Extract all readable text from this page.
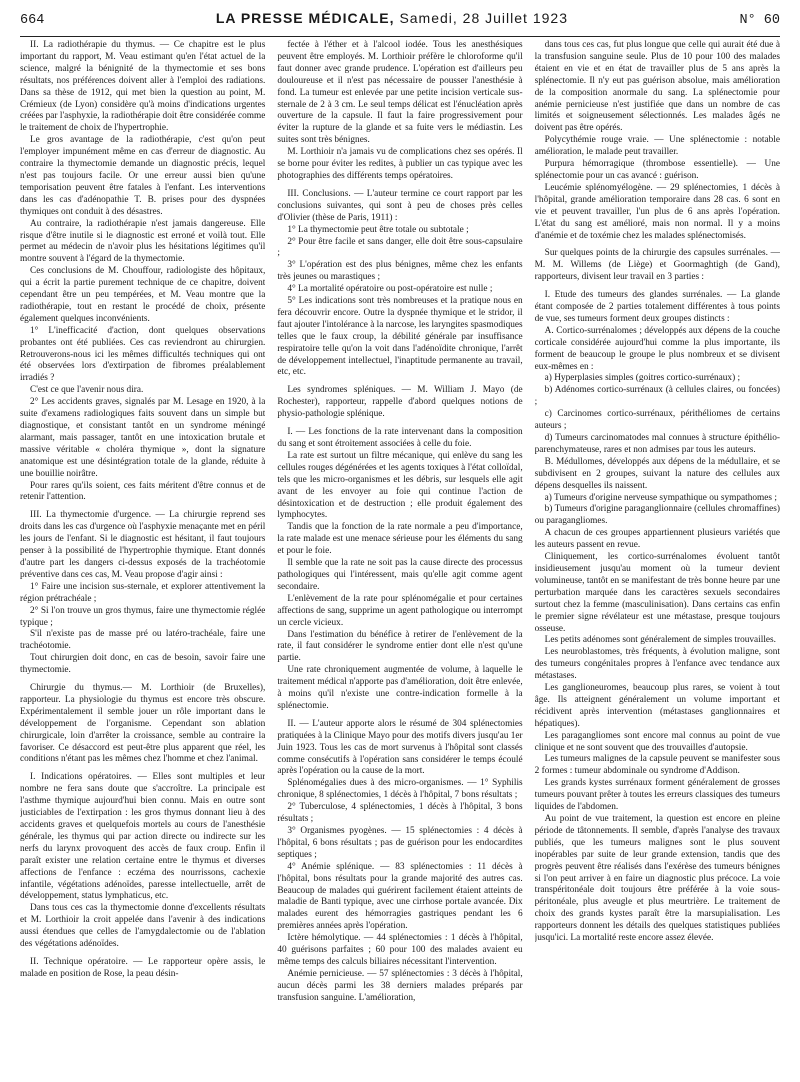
664	LA PRESSE MÉDICALE, Samedi, 28 Juillet 1923	N° 60

II. La radiothérapie du thymus. — Ce chapitre est le plus important du rapport, M. Veau estimant qu'en l'état actuel de la science, malgré la bénignité de la thymectomie et ses bons résultats, nos préférences doivent aller à l'emploi des radiations. Dans sa thèse de 1912, qui met bien la question au point, M. Crémieux (de Lyon) considère qu'à moins d'indications urgentes créées par l'asphyxie, la radiothérapie doit être considérée comme le traitement de choix de l'hypertrophie.

Le gros avantage de la radiothérapie, c'est qu'on peut l'employer impunément même en cas d'erreur de diagnostic. Au contraire la thymectomie demande un diagnostic précis, lequel n'est pas toujours facile. Or une erreur aussi bien qu'une temporisation peuvent être fatales à l'enfant. Les interventions dans les cas d'adénopathie T. B. prises pour des dyspnées thymiques ont conduit à des désastres.

Au contraire, la radiothérapie n'est jamais dangereuse. Elle risque d'être inutile si le diagnostic est erroné et voilà tout. Elle permet au médecin de n'avoir plus les hésitations légitimes qu'il montre souvent à l'égard de la thymectomie.

Ces conclusions de M. Chouffour, radiologiste des hôpitaux, qui a écrit la partie purement technique de ce chapitre, doivent cependant être un peu tempérées, et M. Veau montre que la radiothérapie, tout en restant le procédé de choix, présente également quelques inconvénients.

1° L'inefficacité d'action, dont quelques observations probantes ont été publiées. Ces cas reviendront au chirurgien. Retrouverons-nous ici les mêmes difficultés techniques qui ont été observées lors d'extirpation de fibromes préalablement irradiés ?

C'est ce que l'avenir nous dira.

2° Les accidents graves, signalés par M. Lesage en 1920, à la suite d'examens radiologiques faits souvent dans un simple but diagnostique, et consistant tantôt en un syndrome méningé alarmant, mais passager, tantôt en une intoxication brutale et massive véritable « choléra thymique », dont la signature anatomique est une désintégration totale de la glande, réduite à une bouillie noirâtre.

Pour rares qu'ils soient, ces faits méritent d'être connus et de retenir l'attention.

III. La thymectomie d'urgence. — La chirurgie reprend ses droits dans les cas d'urgence où l'asphyxie menaçante met en péril les jours de l'enfant. Si le diagnostic est hésitant, il faut toujours penser à la possibilité de l'hypertrophie thymique. Etant donnés d'autre part les dangers ci-dessus exposés de la trachéotomie préventive dans ces cas, M. Veau propose d'agir ainsi :

1° Faire une incision sus-sternale, et explorer attentivement la région prétrachéale ;

2° Si l'on trouve un gros thymus, faire une thymectomie réglée typique ;

S'il n'existe pas de masse pré ou latéro-trachéale, faire une trachéotomie.

Tout chirurgien doit donc, en cas de besoin, savoir faire une thymectomie.

Chirurgie du thymus.— M. Lorthioir (de Bruxelles), rapporteur. La physiologie du thymus est encore très obscure. Expérimentalement il semble jouer un rôle important dans le développement de l'organisme. Cependant son ablation chirurgicale, loin d'arrêter la croissance, semble au contraire la favoriser. Ce désaccord est peut-être plus apparent que réel, les conditions n'étant pas les mêmes chez l'homme et chez l'animal.

I. Indications opératoires. — Elles sont multiples et leur nombre ne fera sans doute que s'accroître. La principale est l'asthme thymique aujourd'hui bien connu. Mais en outre sont justiciables de l'extirpation : les gros thymus donnant lieu à des accidents graves et quelquefois mortels au cours de l'anesthésie générale, les thymus qui par action directe ou indirecte sur les nerfs du larynx provoquent des accès de faux croup. Enfin il paraît exister une relation certaine entre le thymus et diverses affections de l'enfance : eczéma des nourrissons, cachexie infantile, végétations adénoïdes, paresse intellectuelle, arrêt de développement, status lymphaticus, etc.

Dans tous ces cas la thymectomie donne d'excellents résultats et M. Lorthioir la croit appelée dans l'avenir à des indications aussi étendues que celles de l'amygdalectomie ou de l'ablation des végétations adénoïdes.

II. Technique opératoire. — Le rapporteur opère assis, le malade en position de Rose, la peau désin-

fectée à l'éther et à l'alcool iodée. Tous les anesthésiques peuvent être employés. M. Lorthioir préfère le chloroforme qu'il faut donner avec grande prudence. L'opération est d'ailleurs peu douloureuse et il n'est pas nécessaire de pousser l'anesthésie à fond. La tumeur est enlevée par une petite incision verticale sus-sternale de 2 à 3 cm. Le seul temps délicat est l'énucléation après ouverture de la capsule. Il faut la faire progressivement pour éviter la rupture de la glande et sa fuite vers le médiastin. Les suites sont très bénignes.

M. Lorthioir n'a jamais vu de complications chez ses opérés. Il se borne pour éviter les redites, à publier un cas typique avec les photographies des différents temps opératoires.

III. Conclusions. — L'auteur termine ce court rapport par les conclusions suivantes, qui sont à peu de choses près celles d'Olivier (thèse de Paris, 1911) :

1° La thymectomie peut être totale ou subtotale ;

2° Pour être facile et sans danger, elle doit être sous-capsulaire ;

3° L'opération est des plus bénignes, même chez les enfants très jeunes ou marastiques ;

4° La mortalité opératoire ou post-opératoire est nulle ;

5° Les indications sont très nombreuses et la pratique nous en fera découvrir encore. Outre la dyspnée thymique et le stridor, il faut ajouter l'intolérance à la narcose, les laryngites spasmodiques telles que le faux croup, la débilité générale par insuffisance respiratoire telle qu'on la voit dans l'adénoïdite chronique, l'arrêt de développement intellectuel, l'inaptitude permanente au travail, etc, etc.

Les syndromes spléniques. — M. William J. Mayo (de Rochester), rapporteur, rappelle d'abord quelques notions de physio-pathologie splénique.

I. — Les fonctions de la rate intervenant dans la composition du sang et sont étroitement associées à celle du foie.

La rate est surtout un filtre mécanique, qui enlève du sang les cellules rouges dégénérées et les agents toxiques à l'état colloïdal, tels que les micro-organismes et les débris, sur lesquels elle agit avant de les envoyer au foie qui continue l'action de désintoxication et de destruction ; elle produit également des lymphocytes.

Tandis que la fonction de la rate normale a peu d'importance, la rate malade est une menace sérieuse pour les éléments du sang et pour le foie.

Il semble que la rate ne soit pas la cause directe des processus pathologiques qui l'intéressent, mais qu'elle agit comme agent secondaire.

L'enlèvement de la rate pour splénomégalie et pour certaines affections de sang, supprime un agent pathologique ou interrompt un cercle vicieux.

Dans l'estimation du bénéfice à retirer de l'enlèvement de la rate, il faut considérer le syndrome entier dont elle n'est qu'une partie.

Une rate chroniquement augmentée de volume, à laquelle le traitement médical n'apporte pas d'amélioration, doit être enlevée, à moins qu'il n'existe une contre-indication formelle à la splénectomie.

II. — L'auteur apporte alors le résumé de 304 splénectomies pratiquées à la Clinique Mayo pour des motifs divers jusqu'au 1er Juin 1923. Tous les cas de mort survenus à l'hôpital sont classés comme consécutifs à l'opération sans considérer le temps écoulé après l'opération ou la cause de la mort.

Splénomégalies dues à des micro-organismes. — 1° Syphilis chronique, 8 splénectomies, 1 décès à l'hôpital, 7 bons résultats ;

2° Tuberculose, 4 splénectomies, 1 décès à l'hôpital, 3 bons résultats ;

3° Organismes pyogènes. — 15 splénectomies : 4 décès à l'hôpital, 6 bons résultats ; pas de guérison pour les endocardites septiques ;

4° Anémie splénique. — 83 splénectomies : 11 décès à l'hôpital, bons résultats pour la grande majorité des autres cas. Beaucoup de malades qui guérirent facilement étaient atteints de maladie de Banti typique, avec une cirrhose portale avancée. Dix malades eurent des hémorragies gastriques pendant les 6 premières années après l'opération.

Ictère hémolytique. — 44 splénectomies : 1 décès à l'hôpital, 40 guérisons parfaites ; 60 pour 100 des malades avaient eu même temps des calculs biliaires nécessitant l'intervention.

Anémie pernicieuse. — 57 splénectomies : 3 décès à l'hôpital, aucun décès parmi les 38 derniers malades préparés par transfusion sanguine. L'amélioration,

dans tous ces cas, fut plus longue que celle qui aurait été due à la transfusion sanguine seule. Plus de 10 pour 100 des malades étaient en vie et en état de travailler plus de 5 ans après la splénectomie. Il n'y eut pas guérison absolue, mais amélioration de la composition anormale du sang. La splénectomie pour anémie pernicieuse n'est justifiée que dans un nombre de cas limités et soigneusement sélectionnés. Les malades âgés ne doivent pas être opérés.

Polycythémie rouge vraie. — Une splénectomie : notable amélioration, le malade peut travailler.

Purpura hémorragique (thrombose essentielle). — Une splénectomie pour un cas avancé : guérison.

Leucémie splénomyélogène. — 29 splénectomies, 1 décès à l'hôpital, grande amélioration temporaire dans 28 cas. 6 sont en vie et peuvent travailler, l'un plus de 6 ans après l'opération. L'état du sang est amélioré, mais non normal. Il y a moins d'anémie et de toxémie chez les malades splénectomisés.

Sur quelques points de la chirurgie des capsules surrénales. — M. M. Willems (de Liège) et Goormaghtigh (de Gand), rapporteurs, divisent leur travail en 3 parties :

I. Etude des tumeurs des glandes surrénales. — La glande étant composée de 2 parties totalement différentes à tous points de vue, ses tumeurs forment deux groupes distincts :

A. Cortico-surrénalomes ; développés aux dépens de la couche corticale considérée aujourd'hui comme la plus importante, ils forment de beaucoup le groupe le plus nombreux et se divisent eux-mêmes en :

a) Hyperplasies simples (goitres cortico-surrénaux) ;

b) Adénomes cortico-surrénaux (à cellules claires, ou foncées) ;

c) Carcinomes cortico-surrénaux, périthéliomes de certains auteurs ;

d) Tumeurs carcinomatodes mal connues à structure épithélio-parenchymateuse, rares et non admises par tous les auteurs.

B. Médullomes, développés aux dépens de la médullaire, et se subdivisent en 2 groupes, suivant la nature des cellules aux dépens desquelles ils naissent.

a) Tumeurs d'origine nerveuse sympathique ou sympathomes ;

b) Tumeurs d'origine paraganglionnaire (cellules chromaffines) ou paragangliomes.

A chacun de ces groupes appartiennent plusieurs variétés que les auteurs passent en revue.

Cliniquement, les cortico-surrénalomes évoluent tantôt insidieusement jusqu'au moment où la tumeur devient volumineuse, tantôt en se manifestant de très bonne heure par une perturbation marquée dans les caractères sexuels secondaires surtout chez la femme (masculinisation). Dans certains cas enfin le premier signe révélateur est une métastase, presque toujours osseuse.

Les petits adénomes sont généralement de simples trouvailles.

Les neuroblastomes, très fréquents, à évolution maligne, sont des tumeurs congénitales propres à l'enfance avec tendance aux métastases.

Les ganglioneuromes, beaucoup plus rares, se voient à tout âge. Ils atteignent généralement un volume important et récidivent après intervention (métastases ganglionnaires et hépatiques).

Les paragangliomes sont encore mal connus au point de vue clinique et ne sont souvent que des trouvailles d'autopsie.

Les tumeurs malignes de la capsule peuvent se manifester sous 2 formes : tumeur abdominale ou syndrome d'Addison.

Les grands kystes surrénaux forment généralement de grosses tumeurs pouvant prêter à toutes les erreurs classiques des tumeurs liquides de l'abdomen.

Au point de vue traitement, la question est encore en pleine période de tâtonnements. Il semble, d'après l'analyse des travaux publiés, que les tumeurs malignes sont le plus souvent inopérables par suite de leur grande extension, tandis que des progrès peuvent être réalisés dans l'exérèse des tumeurs bénignes si l'on peut arriver à en faire un diagnostic plus précoce. La voie transpéritonéale doit toujours être préférée à la voie sous-péritonéale, plus aveugle et plus meurtrière. Le traitement de choix des grands kystes paraît être la marsupialisation. Les rapporteurs donnent les détails des quelques statistiques publiées jusqu'ici. La mortalité reste encore assez élevée.
